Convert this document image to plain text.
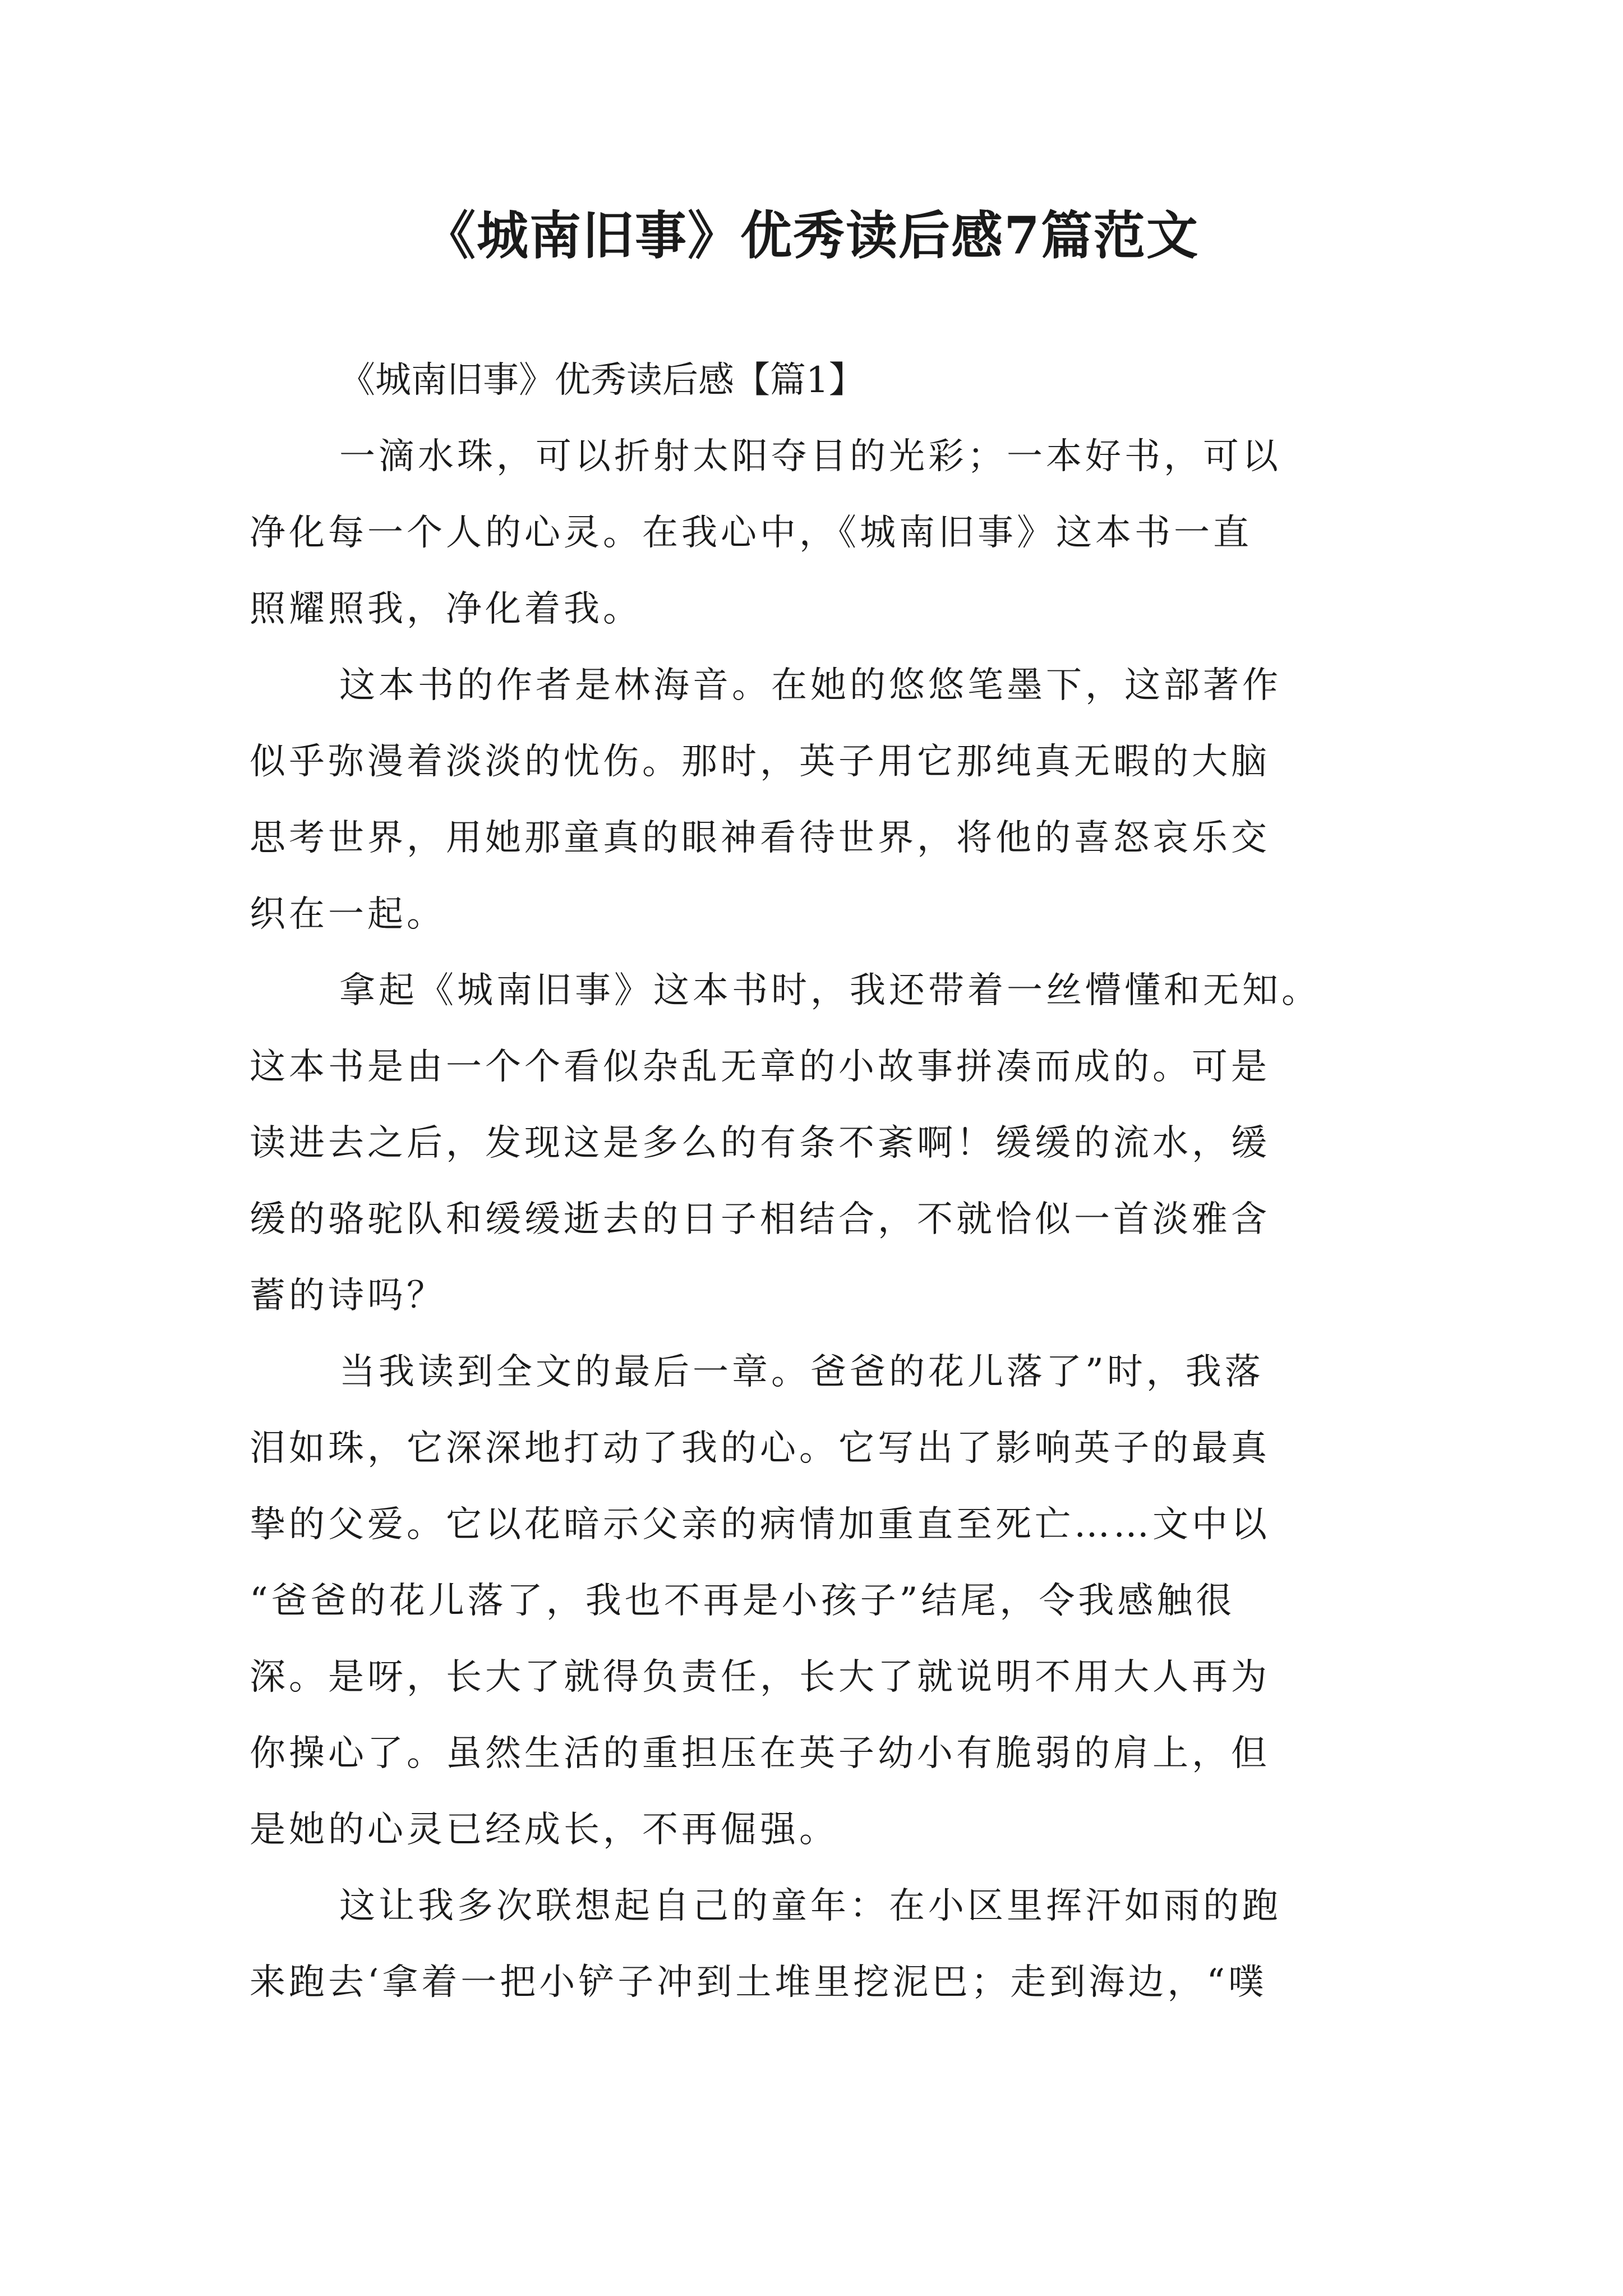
《城南旧事》优秀读后感7篇范文

《城南旧事》优秀读后感【篇1】

一滴水珠，可以折射太阳夺目的光彩；一本好书，可以
净化每一个人的心灵。在我心中，《城南旧事》这本书一直
照耀照我，净化着我。
这本书的作者是林海音。在她的悠悠笔墨下，这部著作
似乎弥漫着淡淡的忧伤。那时，英子用它那纯真无暇的大脑
思考世界，用她那童真的眼神看待世界，将他的喜怒哀乐交
织在一起。
拿起《城南旧事》这本书时，我还带着一丝懵懂和无知。
这本书是由一个个看似杂乱无章的小故事拼凑而成的。可是
读进去之后，发现这是多么的有条不紊啊！缓缓的流水，缓
缓的骆驼队和缓缓逝去的日子相结合，不就恰似一首淡雅含
蓄的诗吗？
当我读到全文的最后一章。爸爸的花儿落了”时，我落
泪如珠，它深深地打动了我的心。它写出了影响英子的最真
挚的父爱。它以花暗示父亲的病情加重直至死亡……文中以
“爸爸的花儿落了，我也不再是小孩子”结尾，令我感触很
深。是呀，长大了就得负责任，长大了就说明不用大人再为
你操心了。虽然生活的重担压在英子幼小有脆弱的肩上，但
是她的心灵已经成长，不再倔强。
这让我多次联想起自己的童年：在小区里挥汗如雨的跑
来跑去‘拿着一把小铲子冲到土堆里挖泥巴；走到海边，“噗
